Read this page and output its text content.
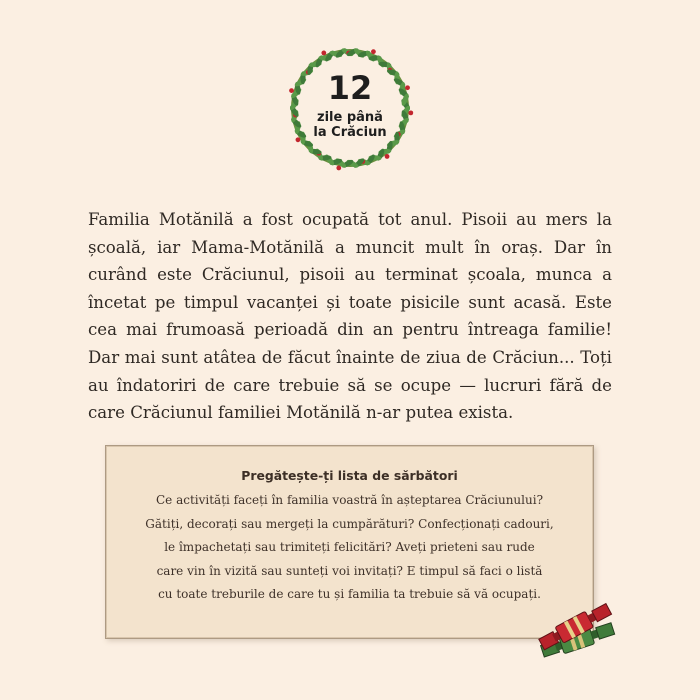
12
zile până
la Crăciun

Familia Motănilă a fost ocupată tot anul. Pisoii au mers la școală, iar Mama-Motănilă a muncit mult în oraș. Dar în curând este Crăciunul, pisoii au terminat școala, munca a încetat pe timpul vacanței și toate pisicile sunt acasă. Este cea mai frumoasă perioadă din an pentru întreaga familie! Dar mai sunt atâtea de făcut înainte de ziua de Crăciun... Toți au îndatoriri de care trebuie să se ocupe — lucruri fără de care Crăciunul familiei Motănilă n-ar putea exista.

Pregătește-ți lista de sărbători
Ce activități faceți în familia voastră în așteptarea Crăciunului?
Gătiți, decorați sau mergeți la cumpărături? Confecționați cadouri,
le împachetați sau trimiteți felicitări? Aveți prieteni sau rude
care vin în vizită sau sunteți voi invitați? E timpul să faci o listă
cu toate treburile de care tu și familia ta trebuie să vă ocupați.
